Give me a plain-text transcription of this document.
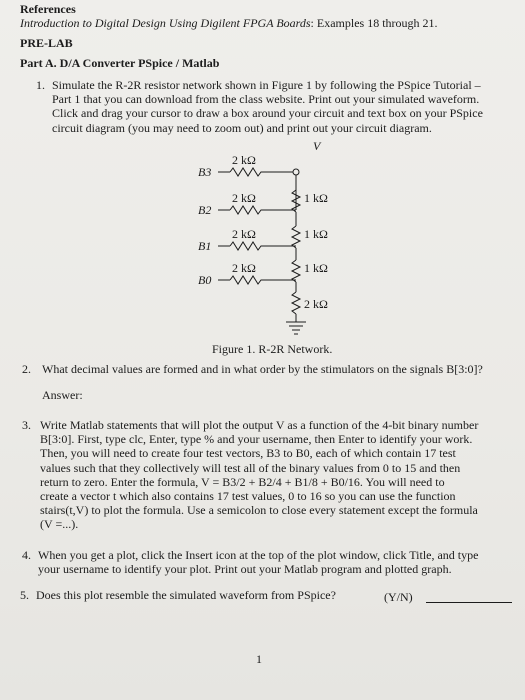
References
Introduction to Digital Design Using Digilent FPGA Boards: Examples 18 through 21.
PRE-LAB
Part A. D/A Converter PSpice / Matlab
1. Simulate the R-2R resistor network shown in Figure 1 by following the PSpice Tutorial –
Part 1 that you can download from the class website. Print out your simulated waveform.
Click and drag your cursor to draw a box around your circuit and text box on your PSpice
circuit diagram (you may need to zoom out) and print out your circuit diagram.
V
2 kΩ
2 kΩ
2 kΩ
2 kΩ
1 kΩ
1 kΩ
1 kΩ
2 kΩ
B3
B2
B1
B0
Figure 1. R-2R Network.
2. What decimal values are formed and in what order by the stimulators on the signals B[3:0]?
Answer:
3. Write Matlab statements that will plot the output V as a function of the 4-bit binary number
B[3:0]. First, type clc, Enter, type % and your username, then Enter to identify your work.
Then, you will need to create four test vectors, B3 to B0, each of which contain 17 test
values such that they collectively will test all of the binary values from 0 to 15 and then
return to zero. Enter the formula, V = B3/2 + B2/4 + B1/8 + B0/16. You will need to
create a vector t which also contains 17 test values, 0 to 16 so you can use the function
stairs(t,V) to plot the formula. Use a semicolon to close every statement except the formula
(V =...).
4. When you get a plot, click the Insert icon at the top of the plot window, click Title, and type
your username to identify your plot. Print out your Matlab program and plotted graph.
5. Does this plot resemble the simulated waveform from PSpice?	(Y/N)
1
